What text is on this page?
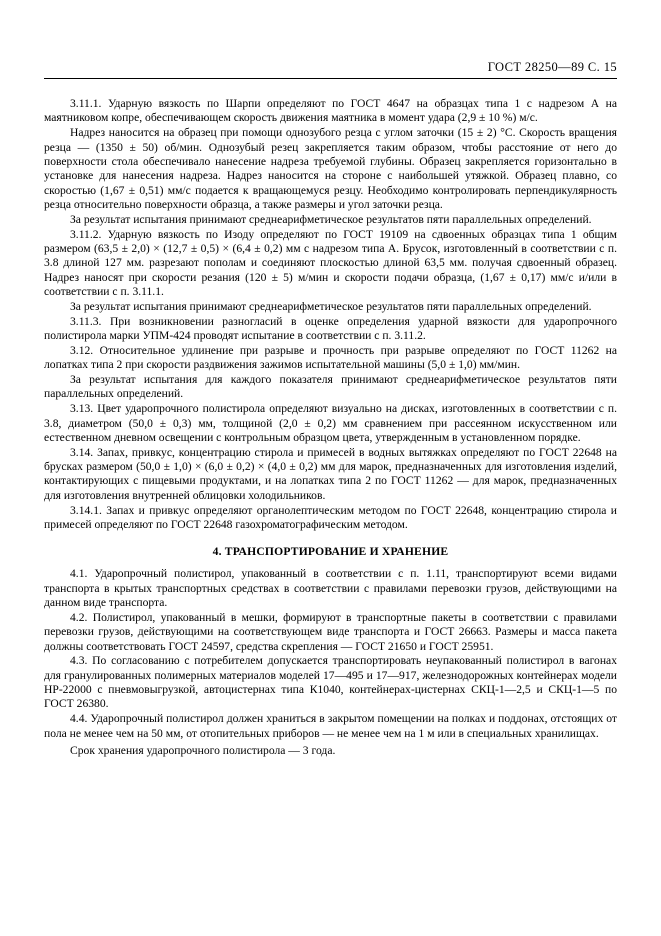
ГОСТ 28250—89 С. 15

3.11.1. Ударную вязкость по Шарпи определяют по ГОСТ 4647 на образцах типа 1 с надрезом А на маятниковом копре, обеспечивающем скорость движения маятника в момент удара (2,9 ± 10 %) м/с.

Надрез наносится на образец при помощи однозубого резца с углом заточки (15 ± 2) °С. Скорость вращения резца — (1350 ± 50) об/мин. Однозубый резец закрепляется таким образом, чтобы расстояние от него до поверхности стола обеспечивало нанесение надреза требуемой глубины. Образец закрепляется горизонтально в установке для нанесения надреза. Надрез наносится на стороне с наибольшей утяжкой. Образец плавно, со скоростью (1,67 ± 0,51) мм/с подается к вращающемуся резцу. Необходимо контролировать перпендикулярность резца относительно поверхности образца, а также размеры и угол заточки резца.

За результат испытания принимают среднеарифметическое результатов пяти параллельных определений.

3.11.2. Ударную вязкость по Изоду определяют по ГОСТ 19109 на сдвоенных образцах типа 1 общим размером (63,5 ± 2,0) × (12,7 ± 0,5) × (6,4 ± 0,2) мм с надрезом типа А. Брусок, изготовленный в соответствии с п. 3.8 длиной 127 мм. разрезают пополам и соединяют плоскостью длиной 63,5 мм. получая сдвоенный образец. Надрез наносят при скорости резания (120 ± 5) м/мин и скорости подачи образца, (1,67 ± 0,17) мм/с и/или в соответствии с п. 3.11.1.

За результат испытания принимают среднеарифметическое результатов пяти параллельных определений.

3.11.3. При возникновении разногласий в оценке определения ударной вязкости для ударопрочного полистирола марки УПМ-424 проводят испытание в соответствии с п. 3.11.2.

3.12. Относительное удлинение при разрыве и прочность при разрыве определяют по ГОСТ 11262 на лопатках типа 2 при скорости раздвижения зажимов испытательной машины (5,0 ± 1,0) мм/мин.

За результат испытания для каждого показателя принимают среднеарифметическое результатов пяти параллельных определений.

3.13. Цвет ударопрочного полистирола определяют визуально на дисках, изготовленных в соответствии с п. 3.8, диаметром (50,0 ± 0,3) мм, толщиной (2,0 ± 0,2) мм сравнением при рассеянном искусственном или естественном дневном освещении с контрольным образцом цвета, утвержденным в установленном порядке.

3.14. Запах, привкус, концентрацию стирола и примесей в водных вытяжках определяют по ГОСТ 22648 на брусках размером (50,0 ± 1,0) × (6,0 ± 0,2) × (4,0 ± 0,2) мм для марок, предназначенных для изготовления изделий, контактирующих с пищевыми продуктами, и на лопатках типа 2 по ГОСТ 11262 — для марок, предназначенных для изготовления внутренней облицовки холодильников.

3.14.1. Запах и привкус определяют органолептическим методом по ГОСТ 22648, концентрацию стирола и примесей определяют по ГОСТ 22648 газохроматографическим методом.

4. ТРАНСПОРТИРОВАНИЕ И ХРАНЕНИЕ

4.1. Ударопрочный полистирол, упакованный в соответствии с п. 1.11, транспортируют всеми видами транспорта в крытых транспортных средствах в соответствии с правилами перевозки грузов, действующими на данном виде транспорта.

4.2. Полистирол, упакованный в мешки, формируют в транспортные пакеты в соответствии с правилами перевозки грузов, действующими на соответствующем виде транспорта и ГОСТ 26663. Размеры и масса пакета должны соответствовать ГОСТ 24597, средства скрепления — ГОСТ 21650 и ГОСТ 25951.

4.3. По согласованию с потребителем допускается транспортировать неупакованный полистирол в вагонах для гранулированных полимерных материалов моделей 17—495 и 17—917, железнодорожных контейнерах модели НР-22000 с пневмовыгрузкой, автоцистернах типа К1040, контейнерах-цистернах СКЦ-1—2,5 и СКЦ-1—5 по ГОСТ 26380.

4.4. Ударопрочный полистирол должен храниться в закрытом помещении на полках и поддонах, отстоящих от пола не менее чем на 50 мм, от отопительных приборов — не менее чем на 1 м или в специальных хранилищах.

Срок хранения ударопрочного полистирола — 3 года.
